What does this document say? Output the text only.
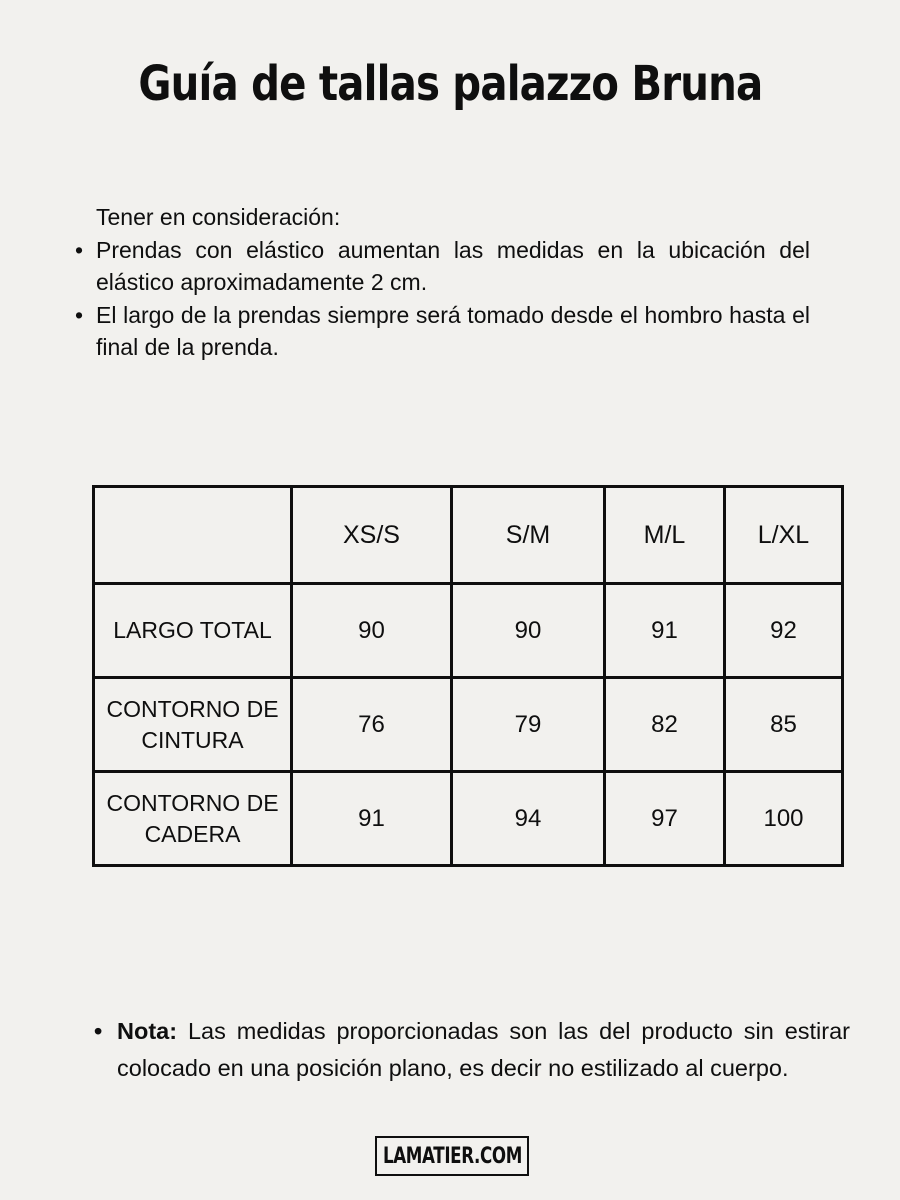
Guía de tallas palazzo Bruna
Tener en consideración:
• Prendas con elástico aumentan las medidas en la ubicación del elástico aproximadamente 2 cm.
• El largo de la prendas siempre será tomado desde el hombro hasta el final de la prenda.
	XS/S	S/M	M/L	L/XL
LARGO TOTAL	90	90	91	92
CONTORNO DE CINTURA	76	79	82	85
CONTORNO DE CADERA	91	94	97	100

• Nota: Las medidas proporcionadas son las del producto sin estirar colocado en una posición plano, es decir no estilizado al cuerpo.

LAMATIER.COM
